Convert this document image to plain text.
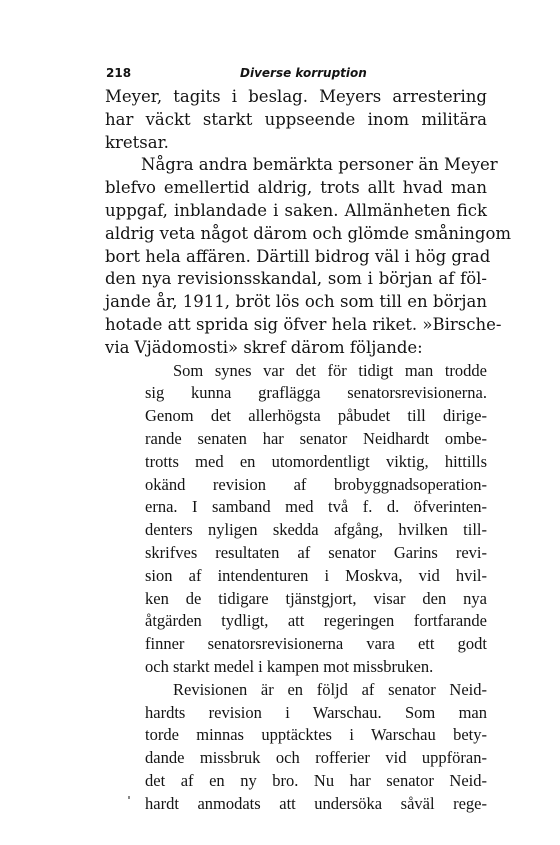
218	Diverse korruption
Meyer, tagits i beslag. Meyers arrestering
har väckt starkt uppseende inom militära
kretsar.
Några andra bemärkta personer än Meyer
blefvo emellertid aldrig, trots allt hvad man
uppgaf, inblandade i saken. Allmänheten fick
aldrig veta något därom och glömde småningom
bort hela affären. Därtill bidrog väl i hög grad
den nya revisionsskandal, som i början af föl-
jande år, 1911, bröt lös och som till en början
hotade att sprida sig öfver hela riket. »Birsche-
via Vjädomosti» skref därom följande:
Som synes var det för tidigt man trodde
sig kunna graflägga senatorsrevisionerna.
Genom det allerhögsta påbudet till dirige-
rande senaten har senator Neidhardt ombe-
trotts med en utomordentligt viktig, hittills
okänd revision af brobyggnadsoperation-
erna. I samband med två f. d. öfverinten-
denters nyligen skedda afgång, hvilken till-
skrifves resultaten af senator Garins revi-
sion af intendenturen i Moskva, vid hvil-
ken de tidigare tjänstgjort, visar den nya
åtgärden tydligt, att regeringen fortfarande
finner senatorsrevisionerna vara ett godt
och starkt medel i kampen mot missbruken.
Revisionen är en följd af senator Neid-
hardts revision i Warschau. Som man
torde minnas upptäcktes i Warschau bety-
dande missbruk och rofferier vid uppföran-
det af en ny bro. Nu har senator Neid-
hardt anmodats att undersöka såväl rege-
